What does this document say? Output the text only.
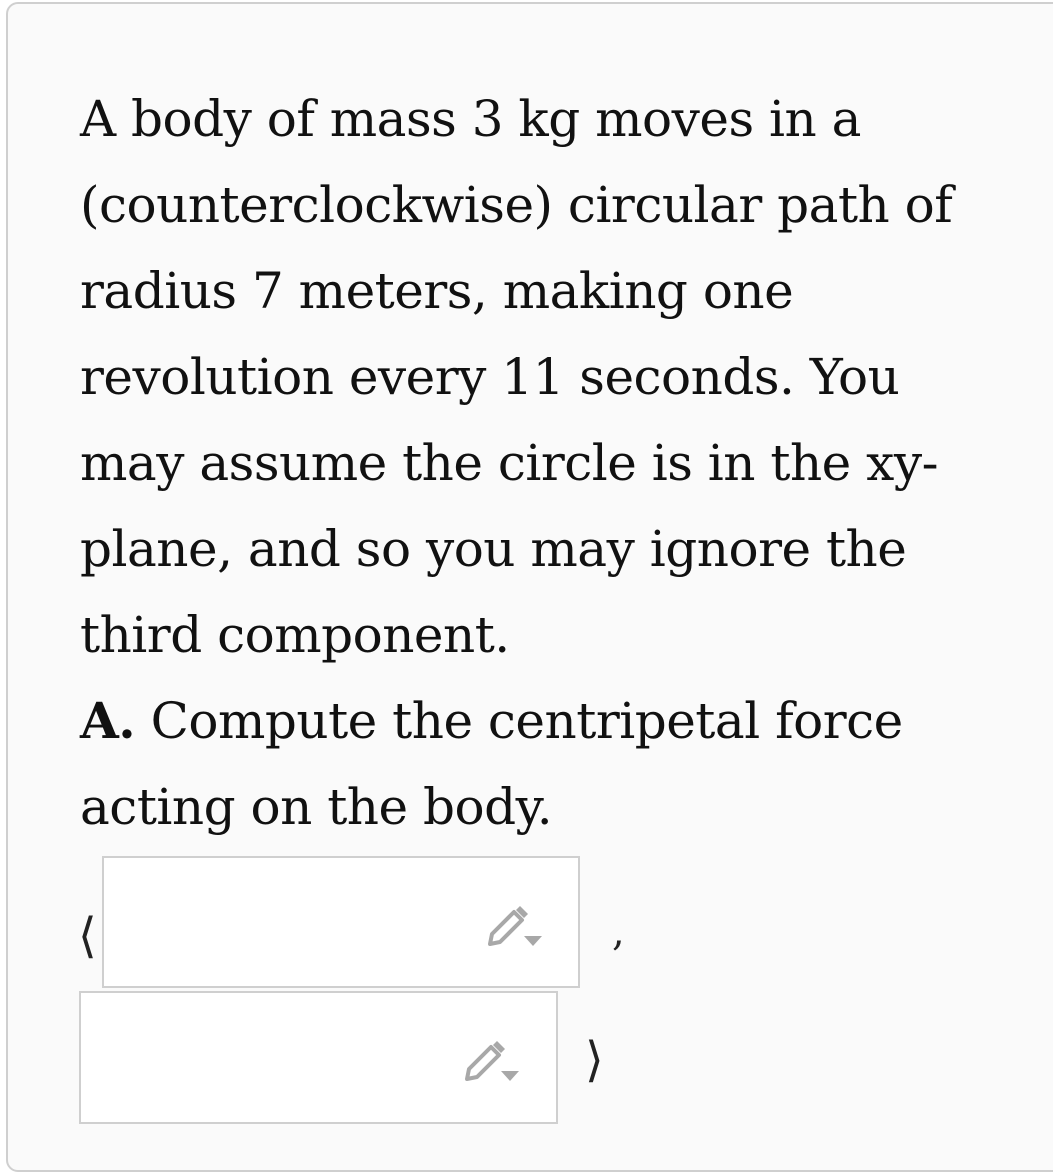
A body of mass 3 kg moves in a
(counterclockwise) circular path of
radius 7 meters, making one
revolution every 11 seconds. You
may assume the circle is in the xy-
plane, and so you may ignore the
third component.
A. Compute the centripetal force
acting on the body.
⟨	,
⟩
